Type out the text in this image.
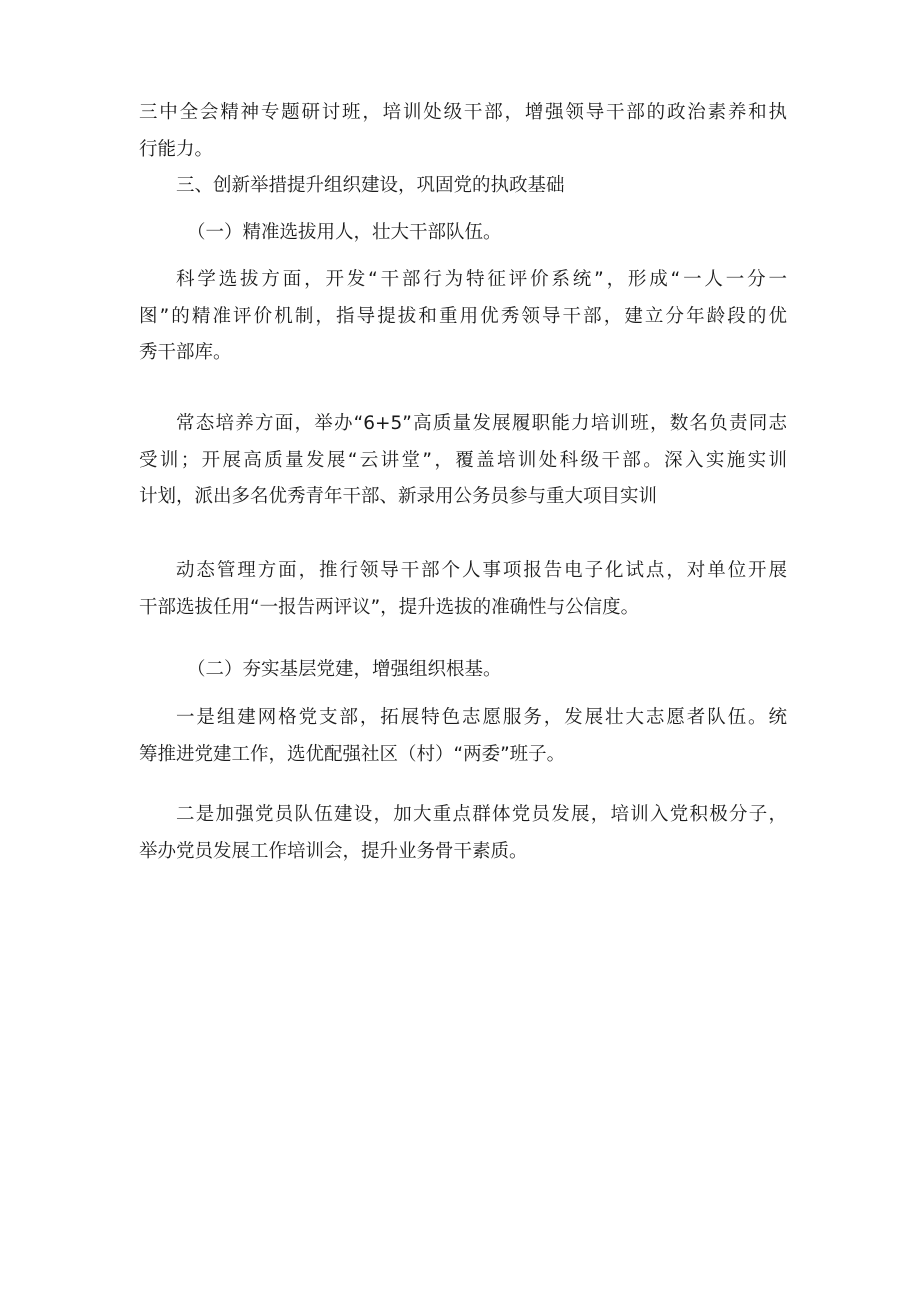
三中全会精神专题研讨班，培训处级干部，增强领导干部的政治素养和执
行能力。
三、创新举措提升组织建设，巩固党的执政基础
（一）精准选拔用人，壮大干部队伍。
科学选拔方面，开发“干部行为特征评价系统”，形成“一人一分一
图”的精准评价机制，指导提拔和重用优秀领导干部，建立分年龄段的优
秀干部库。
常态培养方面，举办“6+5”高质量发展履职能力培训班，数名负责同志
受训；开展高质量发展“云讲堂”，覆盖培训处科级干部。深入实施实训
计划，派出多名优秀青年干部、新录用公务员参与重大项目实训
动态管理方面，推行领导干部个人事项报告电子化试点，对单位开展
干部选拔任用“一报告两评议”，提升选拔的准确性与公信度。
（二）夯实基层党建，增强组织根基。
一是组建网格党支部，拓展特色志愿服务，发展壮大志愿者队伍。统
筹推进党建工作，选优配强社区（村）“两委”班子。
二是加强党员队伍建设，加大重点群体党员发展，培训入党积极分子，
举办党员发展工作培训会，提升业务骨干素质。
